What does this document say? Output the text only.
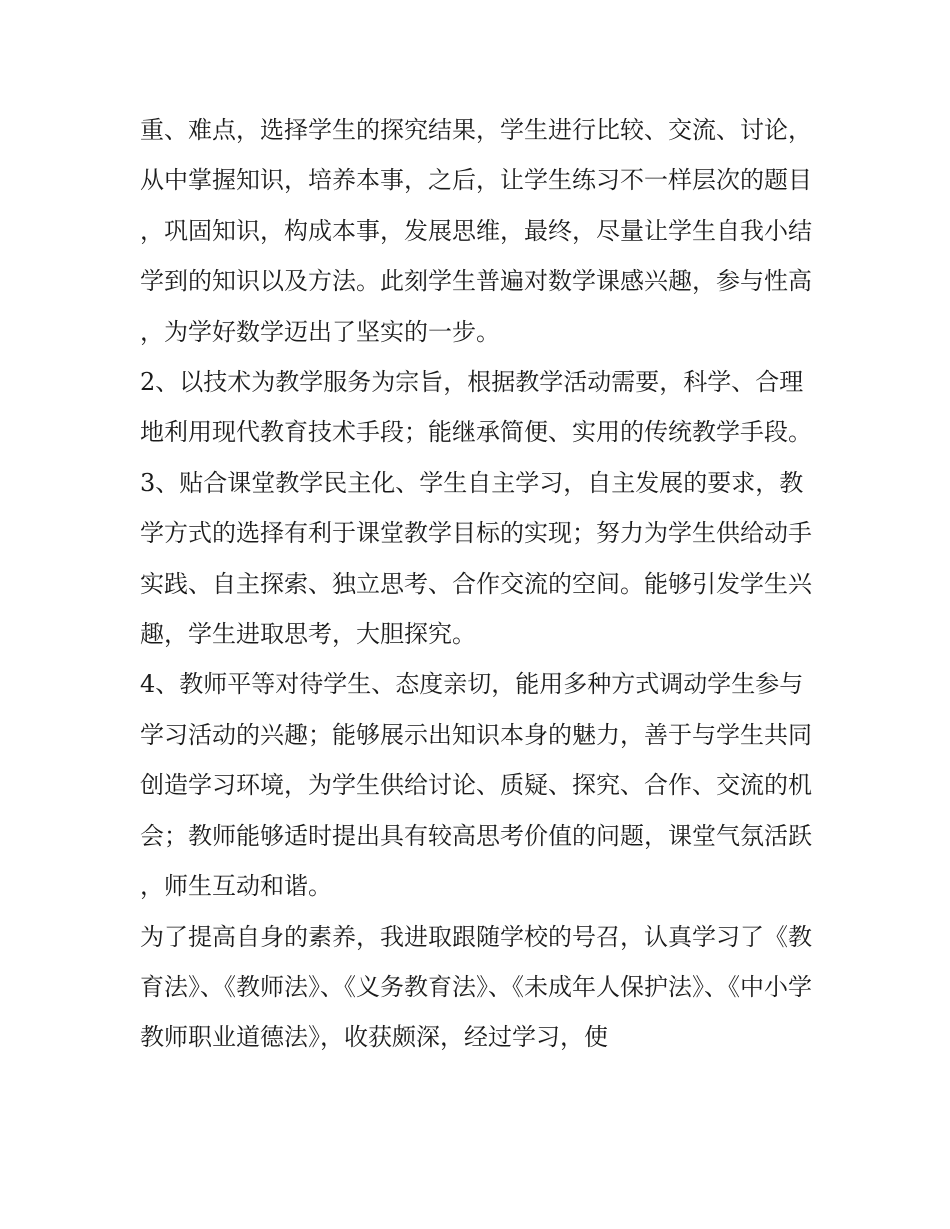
重、难点，选择学生的探究结果，学生进行比较、交流、讨论，从中掌握知识，培养本事，之后，让学生练习不一样层次的题目，巩固知识，构成本事，发展思维，最终，尽量让学生自我小结学到的知识以及方法。此刻学生普遍对数学课感兴趣，参与性高，为学好数学迈出了坚实的一步。

2、以技术为教学服务为宗旨，根据教学活动需要，科学、合理地利用现代教育技术手段；能继承简便、实用的传统教学手段。

3、贴合课堂教学民主化、学生自主学习，自主发展的要求，教学方式的选择有利于课堂教学目标的实现；努力为学生供给动手实践、自主探索、独立思考、合作交流的空间。能够引发学生兴趣，学生进取思考，大胆探究。

4、教师平等对待学生、态度亲切，能用多种方式调动学生参与学习活动的兴趣；能够展示出知识本身的魅力，善于与学生共同创造学习环境，为学生供给讨论、质疑、探究、合作、交流的机会；教师能够适时提出具有较高思考价值的问题，课堂气氛活跃，师生互动和谐。

为了提高自身的素养，我进取跟随学校的号召，认真学习了《教育法》、《教师法》、《义务教育法》、《未成年人保护法》、《中小学教师职业道德法》，收获颇深，经过学习，使
